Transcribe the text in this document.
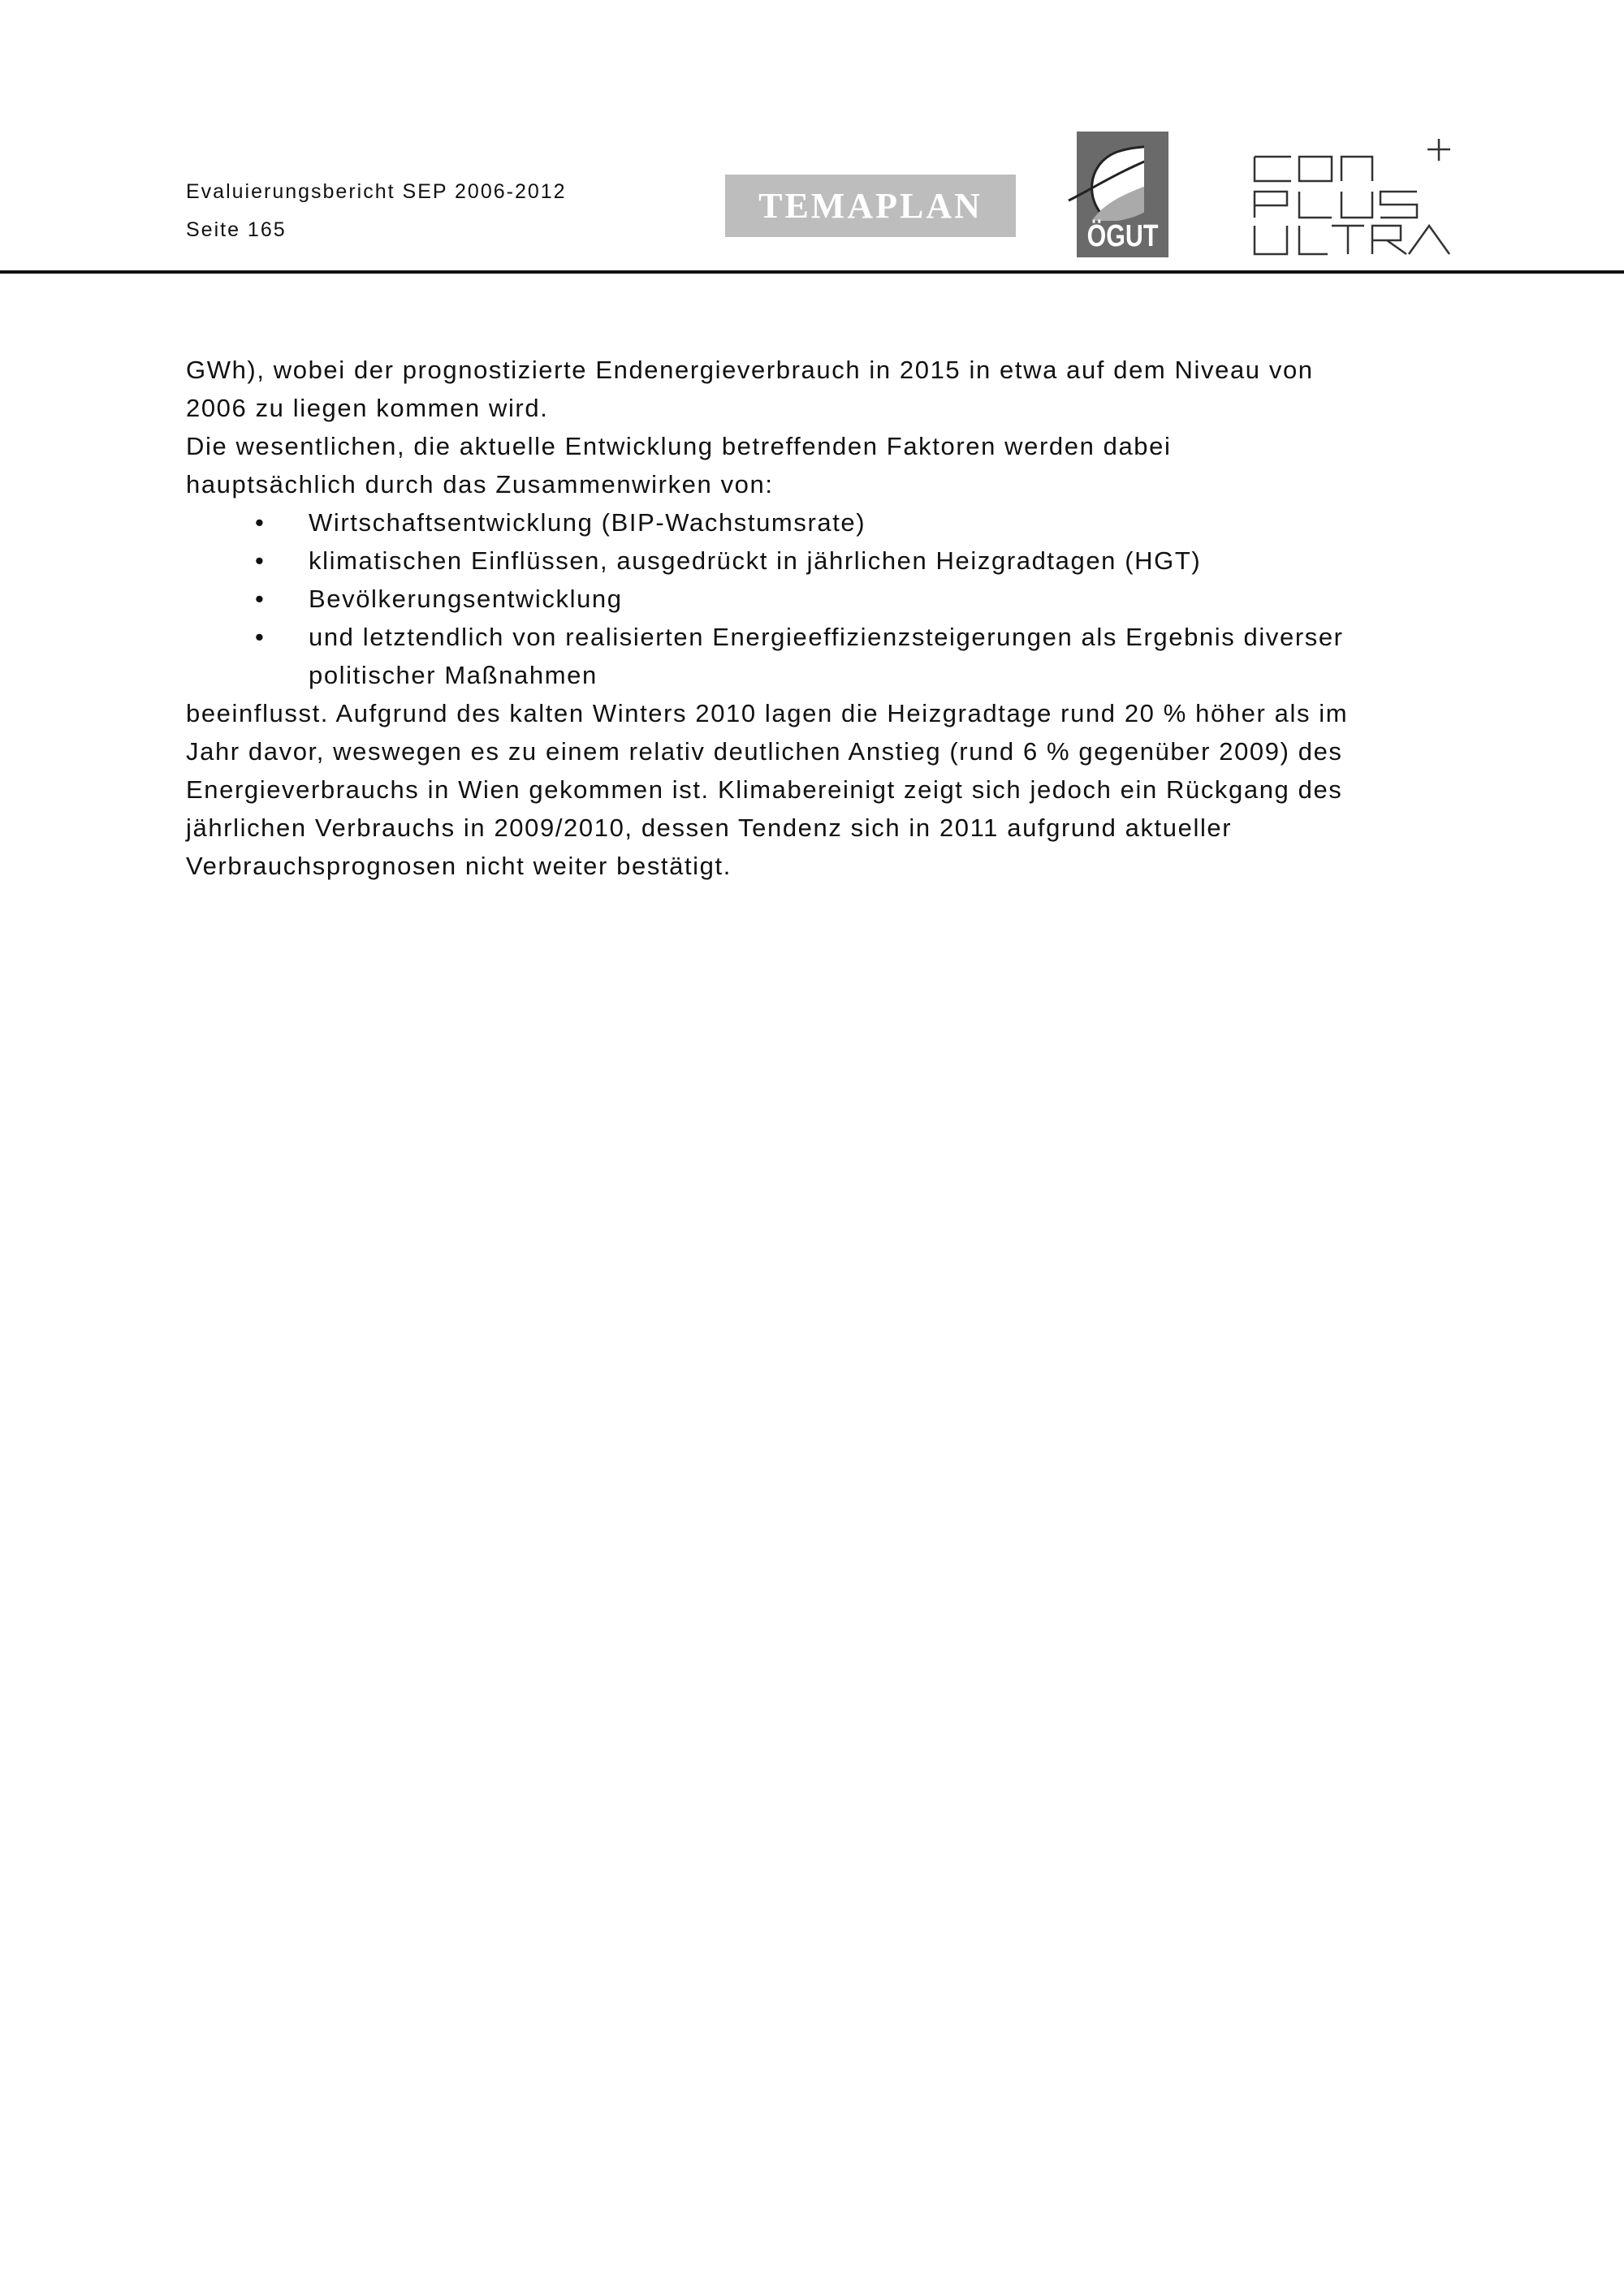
Evaluierungsbericht SEP 2006-2012
Seite 165
TEMAPLAN
ÖGUT
GWh), wobei der prognostizierte Endenergieverbrauch in 2015 in etwa auf dem Niveau von
2006 zu liegen kommen wird.
Die wesentlichen, die aktuelle Entwicklung betreffenden Faktoren werden dabei
hauptsächlich durch das Zusammenwirken von:
• Wirtschaftsentwicklung (BIP-Wachstumsrate)
• klimatischen Einflüssen, ausgedrückt in jährlichen Heizgradtagen (HGT)
• Bevölkerungsentwicklung
• und letztendlich von realisierten Energieeffizienzsteigerungen als Ergebnis diverser
politischer Maßnahmen
beeinflusst. Aufgrund des kalten Winters 2010 lagen die Heizgradtage rund 20 % höher als im
Jahr davor, weswegen es zu einem relativ deutlichen Anstieg (rund 6 % gegenüber 2009) des
Energieverbrauchs in Wien gekommen ist. Klimabereinigt zeigt sich jedoch ein Rückgang des
jährlichen Verbrauchs in 2009/2010, dessen Tendenz sich in 2011 aufgrund aktueller
Verbrauchsprognosen nicht weiter bestätigt.
